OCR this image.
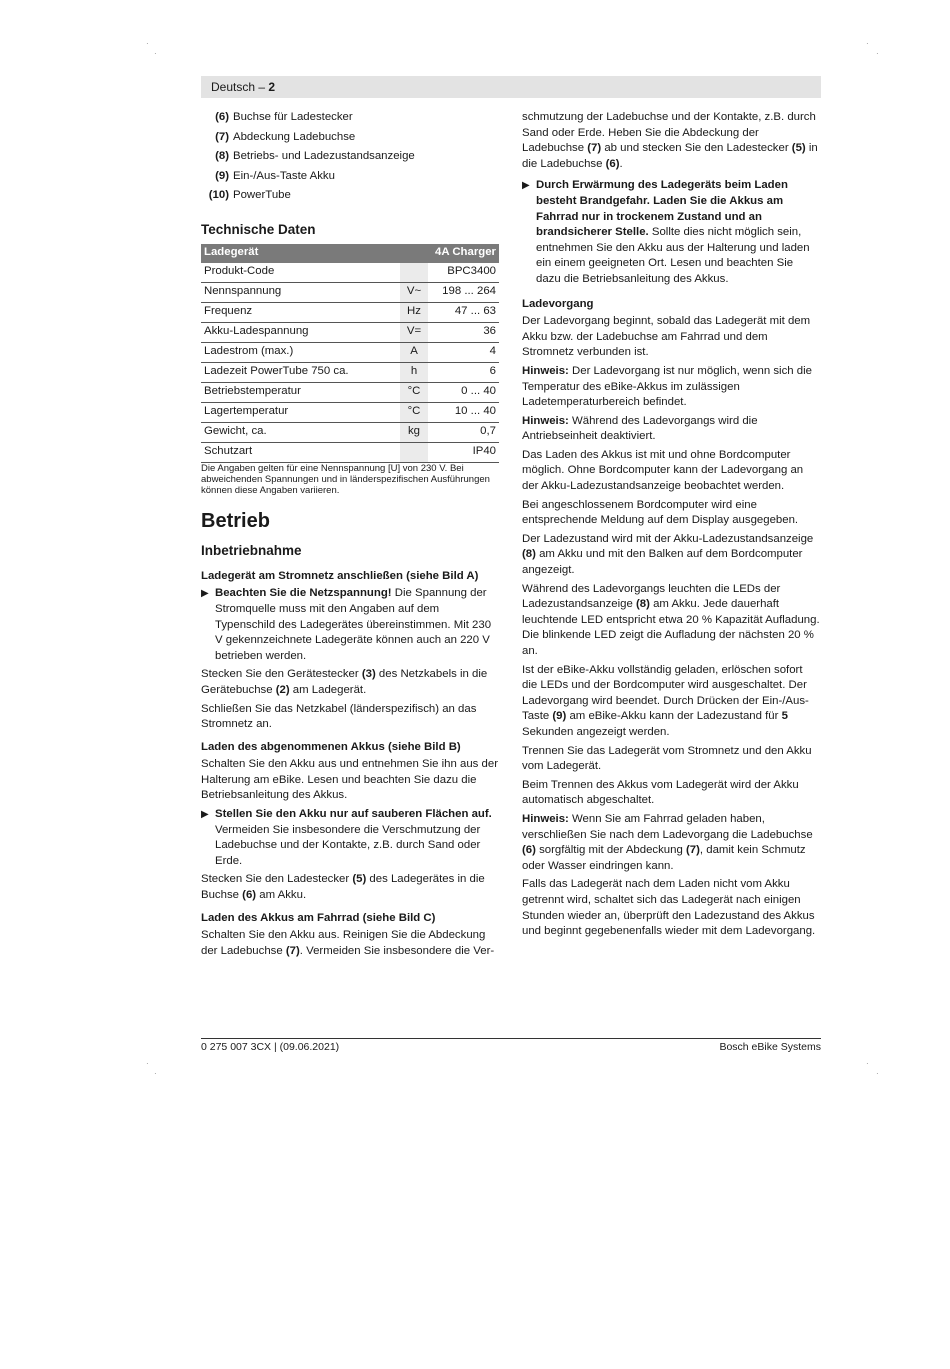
·
·
·
·
·
·
·
·
Deutsch – 2
(6) Buchse für Ladestecker
(7) Abdeckung Ladebuchse
(8) Betriebs- und Ladezustandsanzeige
(9) Ein-/Aus-Taste Akku
(10) PowerTube
Technische Daten
Ladegerät		4A Charger
Produkt-Code		BPC3400
Nennspannung	V~	198 ... 264
Frequenz	Hz	47 ... 63
Akku-Ladespannung	V=	36
Ladestrom (max.)	A	4
Ladezeit PowerTube 750 ca.	h	6
Betriebstemperatur	°C	0 ... 40
Lagertemperatur	°C	10 ... 40
Gewicht, ca.	kg	0,7
Schutzart		IP40

Die Angaben gelten für eine Nennspannung [U] von 230 V. Bei abweichenden Spannungen und in länderspezifischen Ausführungen können diese Angaben variieren.

Betrieb
Inbetriebnahme
Ladegerät am Stromnetz anschließen (siehe Bild A)
▶ Beachten Sie die Netzspannung! Die Spannung der Stromquelle muss mit den Angaben auf dem Typenschild des Ladegerätes übereinstimmen. Mit 230 V gekennzeichnete Ladegeräte können auch an 220 V betrieben werden.

Stecken Sie den Gerätestecker (3) des Netzkabels in die Gerätebuchse (2) am Ladegerät.

Schließen Sie das Netzkabel (länderspezifisch) an das Stromnetz an.

Laden des abgenommenen Akkus (siehe Bild B)

Schalten Sie den Akku aus und entnehmen Sie ihn aus der Halterung am eBike. Lesen und beachten Sie dazu die Betriebsanleitung des Akkus.

▶ Stellen Sie den Akku nur auf sauberen Flächen auf. Vermeiden Sie insbesondere die Verschmutzung der Ladebuchse und der Kontakte, z.B. durch Sand oder Erde.

Stecken Sie den Ladestecker (5) des Ladegerätes in die Buchse (6) am Akku.

Laden des Akkus am Fahrrad (siehe Bild C)

Schalten Sie den Akku aus. Reinigen Sie die Abdeckung der Ladebuchse (7). Vermeiden Sie insbesondere die Ver-

schmutzung der Ladebuchse und der Kontakte, z.B. durch Sand oder Erde. Heben Sie die Abdeckung der Ladebuchse (7) ab und stecken Sie den Ladestecker (5) in die Ladebuchse (6).

▶ Durch Erwärmung des Ladegeräts beim Laden besteht Brandgefahr. Laden Sie die Akkus am Fahrrad nur in trockenem Zustand und an brandsicherer Stelle. Sollte dies nicht möglich sein, entnehmen Sie den Akku aus der Halterung und laden ein einem geeigneten Ort. Lesen und beachten Sie dazu die Betriebsanleitung des Akkus.
Ladevorgang

Der Ladevorgang beginnt, sobald das Ladegerät mit dem Akku bzw. der Ladebuchse am Fahrrad und dem Stromnetz verbunden ist.

Hinweis: Der Ladevorgang ist nur möglich, wenn sich die Temperatur des eBike-Akkus im zulässigen Ladetemperaturbereich befindet.

Hinweis: Während des Ladevorgangs wird die Antriebseinheit deaktiviert.

Das Laden des Akkus ist mit und ohne Bordcomputer möglich. Ohne Bordcomputer kann der Ladevorgang an der Akku-Ladezustandsanzeige beobachtet werden.

Bei angeschlossenem Bordcomputer wird eine entsprechende Meldung auf dem Display ausgegeben.

Der Ladezustand wird mit der Akku-Ladezustandsanzeige (8) am Akku und mit den Balken auf dem Bordcomputer angezeigt.

Während des Ladevorgangs leuchten die LEDs der Ladezustandsanzeige (8) am Akku. Jede dauerhaft leuchtende LED entspricht etwa 20 % Kapazität Aufladung. Die blinkende LED zeigt die Aufladung der nächsten 20 % an.

Ist der eBike-Akku vollständig geladen, erlöschen sofort die LEDs und der Bordcomputer wird ausgeschaltet. Der Ladevorgang wird beendet. Durch Drücken der Ein-/Aus-Taste (9) am eBike-Akku kann der Ladezustand für 5 Sekunden angezeigt werden.

Trennen Sie das Ladegerät vom Stromnetz und den Akku vom Ladegerät.

Beim Trennen des Akkus vom Ladegerät wird der Akku automatisch abgeschaltet.

Hinweis: Wenn Sie am Fahrrad geladen haben, verschließen Sie nach dem Ladevorgang die Ladebuchse (6) sorgfältig mit der Abdeckung (7), damit kein Schmutz oder Wasser eindringen kann.

Falls das Ladegerät nach dem Laden nicht vom Akku getrennt wird, schaltet sich das Ladegerät nach einigen Stunden wieder an, überprüft den Ladezustand des Akkus und beginnt gegebenenfalls wieder mit dem Ladevorgang.

0 275 007 3CX | (09.06.2021)	Bosch eBike Systems
